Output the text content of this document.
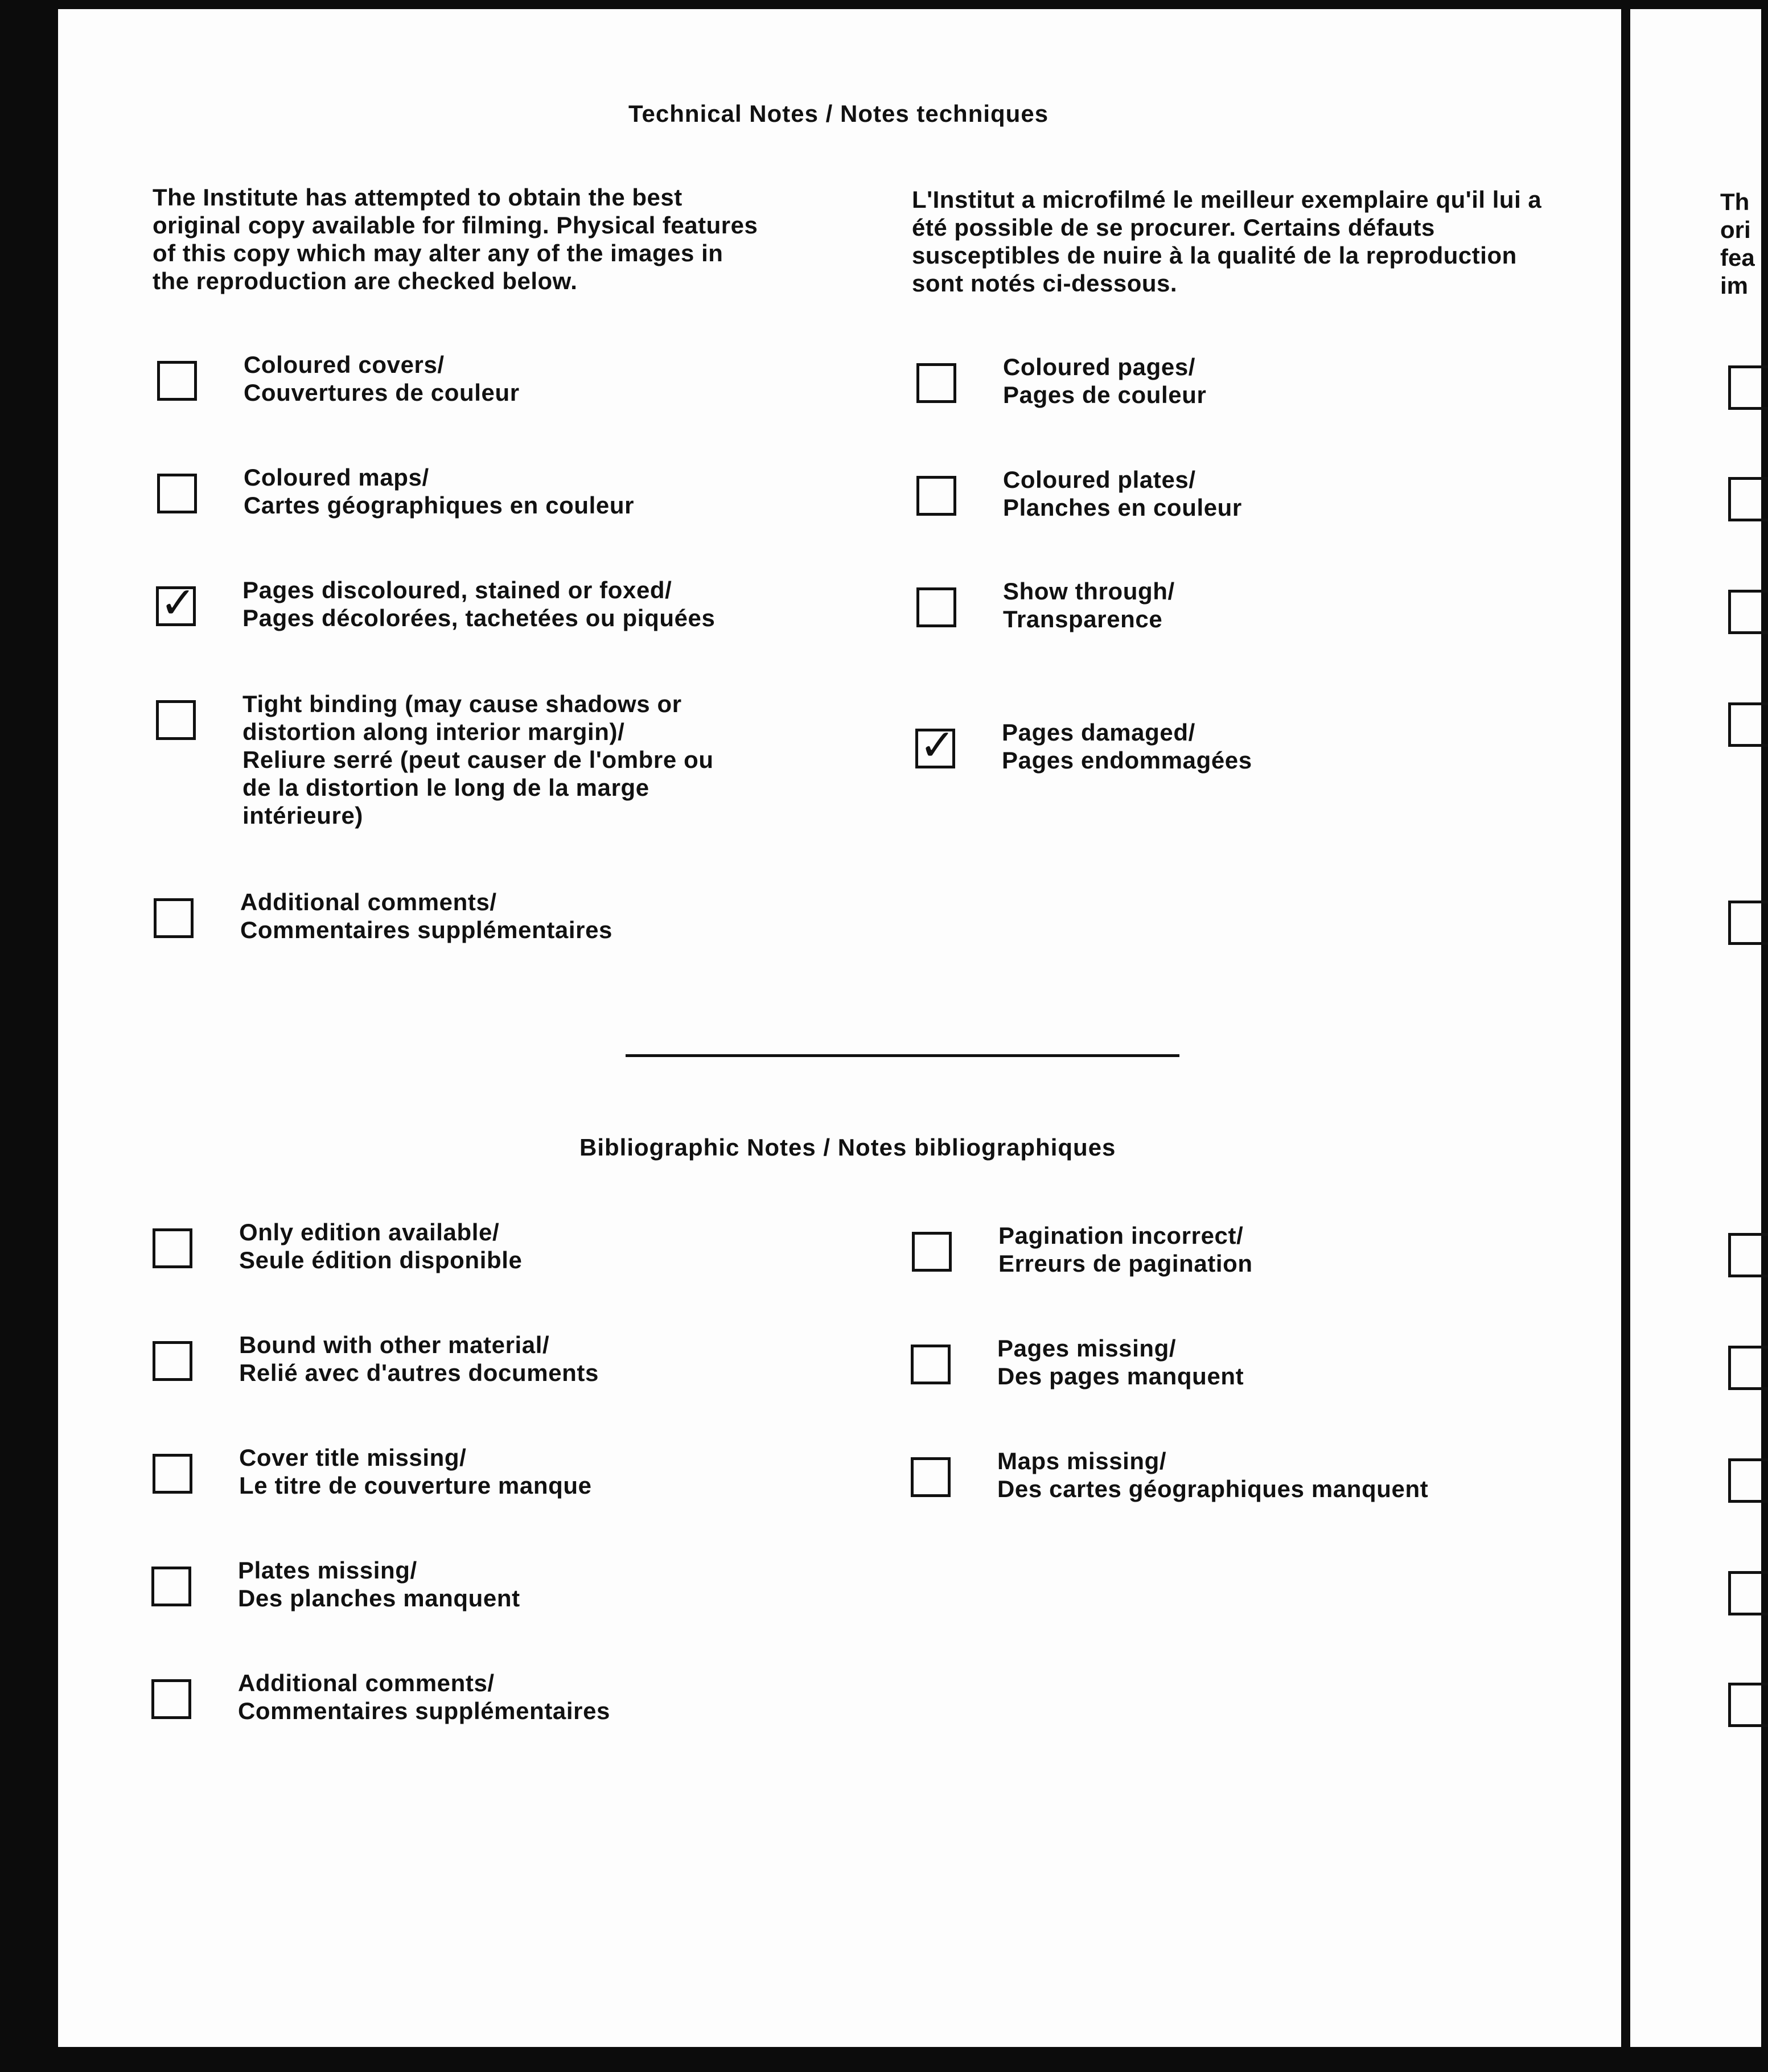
Technical Notes / Notes techniques
The Institute has attempted to obtain the best original copy available for filming. Physical features of this copy which may alter any of the images in the reproduction are checked below.
L'Institut a microfilmé le meilleur exemplaire qu'il lui a été possible de se procurer. Certains défauts susceptibles de nuire à la qualité de la reproduction sont notés ci-dessous.
Coloured covers/
Couvertures de couleur
Coloured maps/
Cartes géographiques en couleur
✓ Pages discoloured, stained or foxed/
Pages décolorées, tachetées ou piquées
Tight binding (may cause shadows or
distortion along interior margin)/
Reliure serré (peut causer de l'ombre ou
de la distortion le long de la marge
intérieure)
Additional comments/
Commentaires supplémentaires
Coloured pages/
Pages de couleur
Coloured plates/
Planches en couleur
Show through/
Transparence
✓ Pages damaged/
Pages endommagées
Bibliographic Notes / Notes bibliographiques
Only edition available/
Seule édition disponible
Bound with other material/
Relié avec d'autres documents
Cover title missing/
Le titre de couverture manque
Plates missing/
Des planches manquent
Additional comments/
Commentaires supplémentaires
Pagination incorrect/
Erreurs de pagination
Pages missing/
Des pages manquent
Maps missing/
Des cartes géographiques manquent
Th
ori
fea
im
